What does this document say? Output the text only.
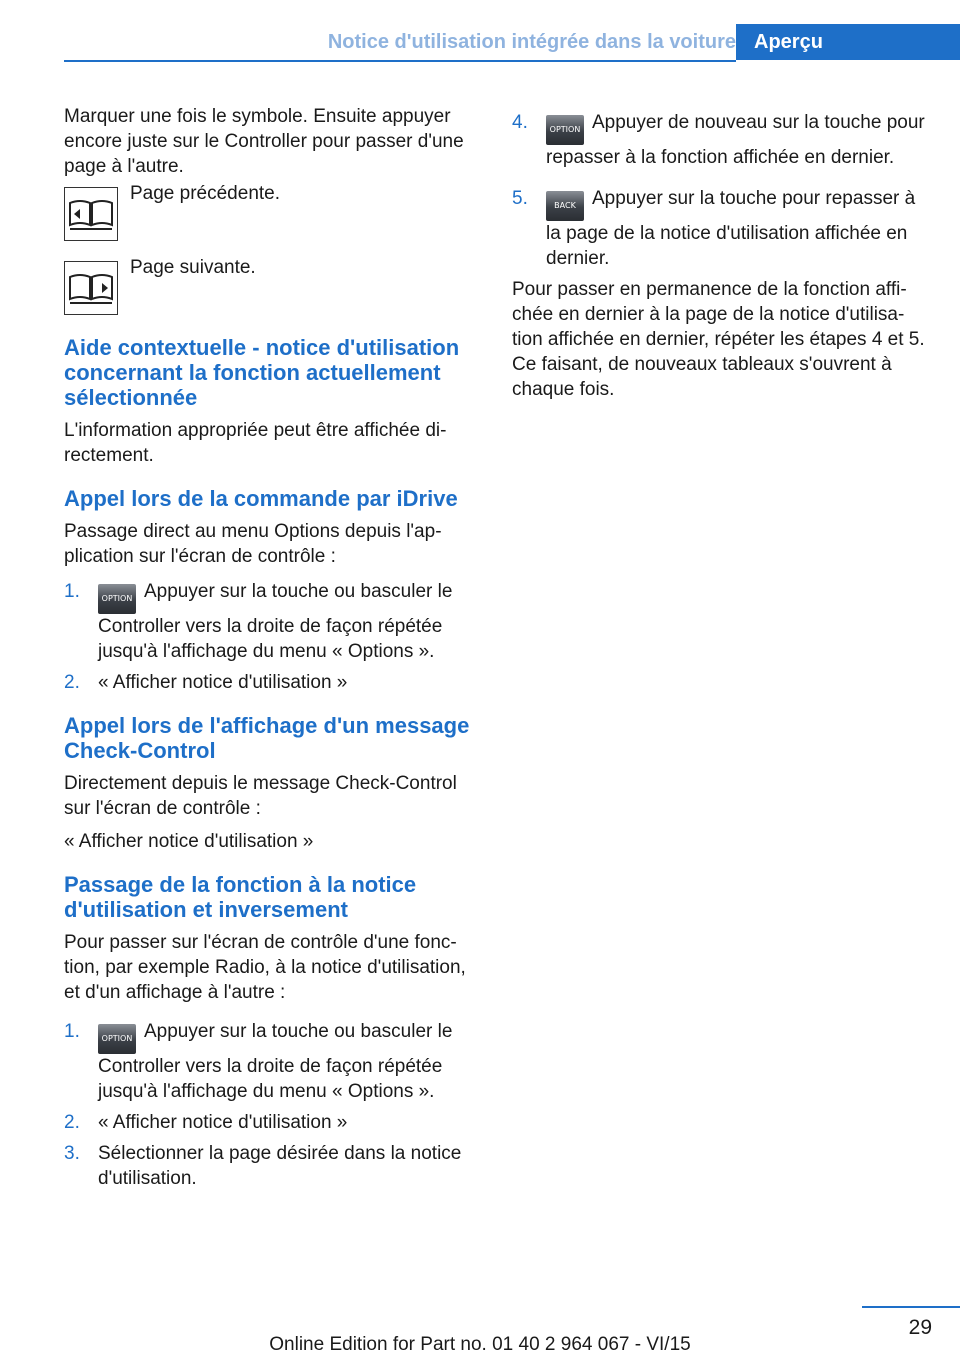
Notice d'utilisation intégrée dans la voiture Aperçu

Marquer une fois le symbole. Ensuite appuyer encore juste sur le Controller pour passer d'une page à l'autre.

Page précédente.
Page suivante.
Aide contextuelle - notice d'utilisation concernant la fonction actuellement sélectionnée

L'information appropriée peut être affichée directement.

Appel lors de la commande par iDrive

Passage direct au menu Options depuis l'application sur l'écran de contrôle :

1.	OPTION Appuyer sur la touche ou basculer le Controller vers la droite de façon répétée jusqu'à l'affichage du menu « Options ».
2. « Afficher notice d'utilisation »
Appel lors de l'affichage d'un message Check-Control

Directement depuis le message Check-Control sur l'écran de contrôle :

« Afficher notice d'utilisation »

Passage de la fonction à la notice d'utilisation et inversement

Pour passer sur l'écran de contrôle d'une fonction, par exemple Radio, à la notice d'utilisation, et d'un affichage à l'autre :

1.	OPTION Appuyer sur la touche ou basculer le Controller vers la droite de façon répétée jusqu'à l'affichage du menu « Options ».
2. « Afficher notice d'utilisation »
3. Sélectionner la page désirée dans la notice d'utilisation.
4.	OPTION Appuyer de nouveau sur la touche pour repasser à la fonction affichée en dernier.
5.	BACK Appuyer sur la touche pour repasser à la page de la notice d'utilisation affichée en dernier.

Pour passer en permanence de la fonction affichée en dernier à la page de la notice d'utilisation affichée en dernier, répéter les étapes 4 et 5. Ce faisant, de nouveaux tableaux s'ouvrent à chaque fois.

29
Online Edition for Part no. 01 40 2 964 067 - VI/15
